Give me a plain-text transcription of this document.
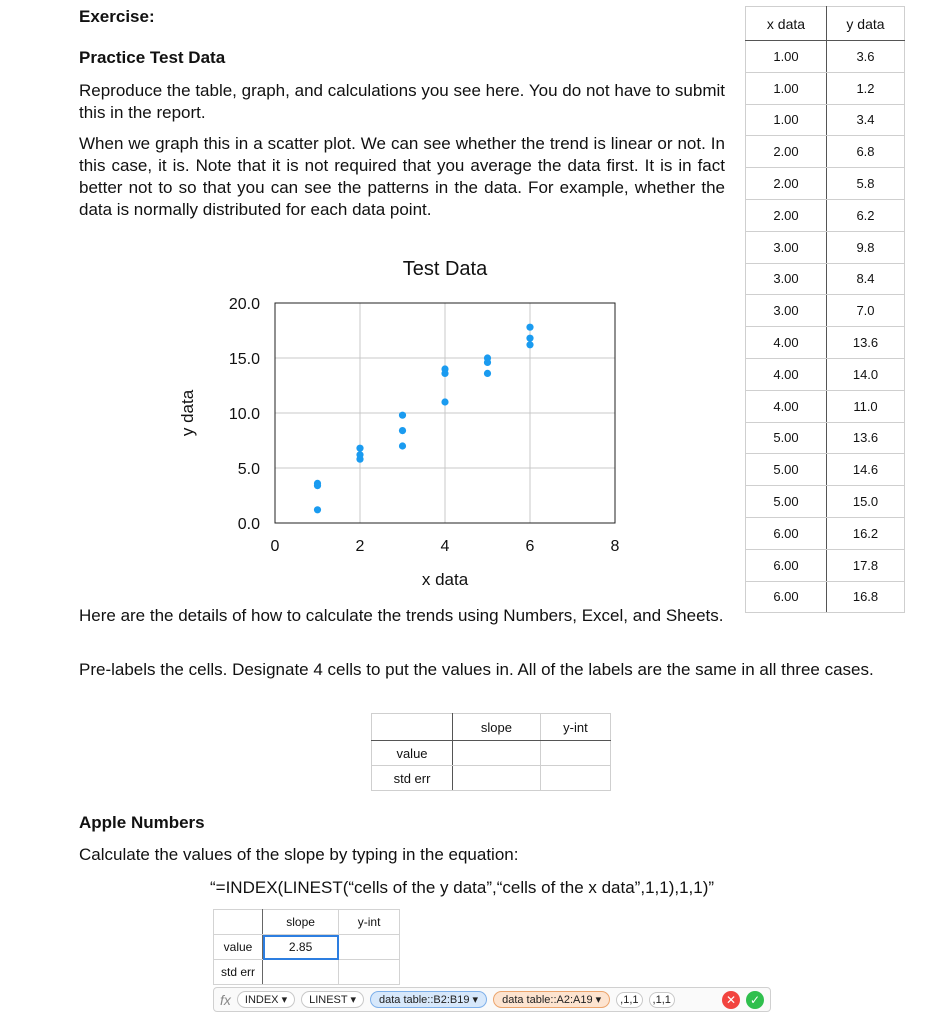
Exercise:
Practice Test Data
Reproduce the table, graph, and calculations you see here. You do not have to submit this in the report.
When we graph this in a scatter plot. We can see whether the trend is linear or not. In this case, it is. Note that it is not required that you average the data first. It is in fact better not to so that you can see the patterns in the data. For example, whether the data is normally distributed for each data point.
x data	y data
1.00	3.6
1.00	1.2
1.00	3.4
2.00	6.8
2.00	5.8
2.00	6.2
3.00	9.8
3.00	8.4
3.00	7.0
4.00	13.6
4.00	14.0
4.00	11.0
5.00	13.6
5.00	14.6
5.00	15.0
6.00	16.2
6.00	17.8
6.00	16.8
Test Data
0	2	4	6	8
0.0
5.0
10.0
15.0
20.0
x data
y data
Here are the details of how to calculate the trends using Numbers, Excel, and Sheets.
Pre-labels the cells. Designate 4 cells to put the values in. All of the labels are the same in all three cases.
	slope	y-int
value		
std err		
Apple Numbers
Calculate the values of the slope by typing in the equation:
“=INDEX(LINEST(“cells of the y data”,“cells of the x data”,1,1),1,1)”
	slope	y-int
value	2.85	
std err		
fx	INDEX ▾	LINEST ▾	data table::B2:B19 ▾	data table::A2:A19 ▾	,1,1	,1,1	✕	✓
